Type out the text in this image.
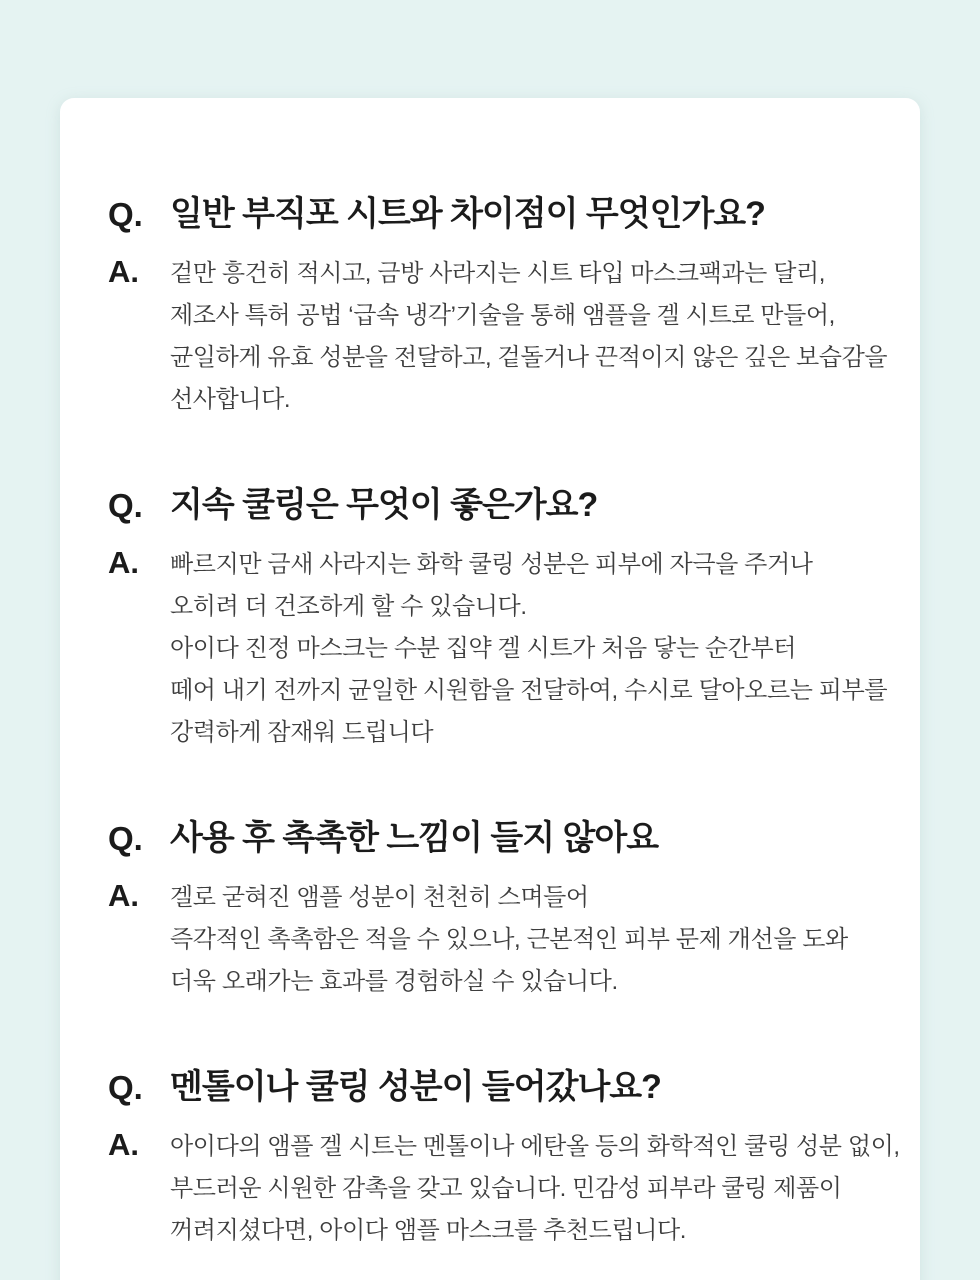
Q. 일반 부직포 시트와 차이점이 무엇인가요?
A.	겉만 흥건히 적시고, 금방 사라지는 시트 타입 마스크팩과는 달리,
제조사 특허 공법 ‘급속 냉각’기술을 통해 앰플을 겔 시트로 만들어,
균일하게 유효 성분을 전달하고, 겉돌거나 끈적이지 않은 깊은 보습감을
선사합니다.
Q. 지속 쿨링은 무엇이 좋은가요?
A.	빠르지만 금새 사라지는 화학 쿨링 성분은 피부에 자극을 주거나
오히려 더 건조하게 할 수 있습니다.
아이다 진정 마스크는 수분 집약 겔 시트가 처음 닿는 순간부터
떼어 내기 전까지 균일한 시원함을 전달하여, 수시로 달아오르는 피부를
강력하게 잠재워 드립니다
Q. 사용 후 촉촉한 느낌이 들지 않아요
A.	겔로 굳혀진 앰플 성분이 천천히 스며들어
즉각적인 촉촉함은 적을 수 있으나, 근본적인 피부 문제 개선을 도와
더욱 오래가는 효과를 경험하실 수 있습니다.
Q. 멘톨이나 쿨링 성분이 들어갔나요?
A.	아이다의 앰플 겔 시트는 멘톨이나 에탄올 등의 화학적인 쿨링 성분 없이,
부드러운 시원한 감촉을 갖고 있습니다. 민감성 피부라 쿨링 제품이
꺼려지셨다면, 아이다 앰플 마스크를 추천드립니다.
